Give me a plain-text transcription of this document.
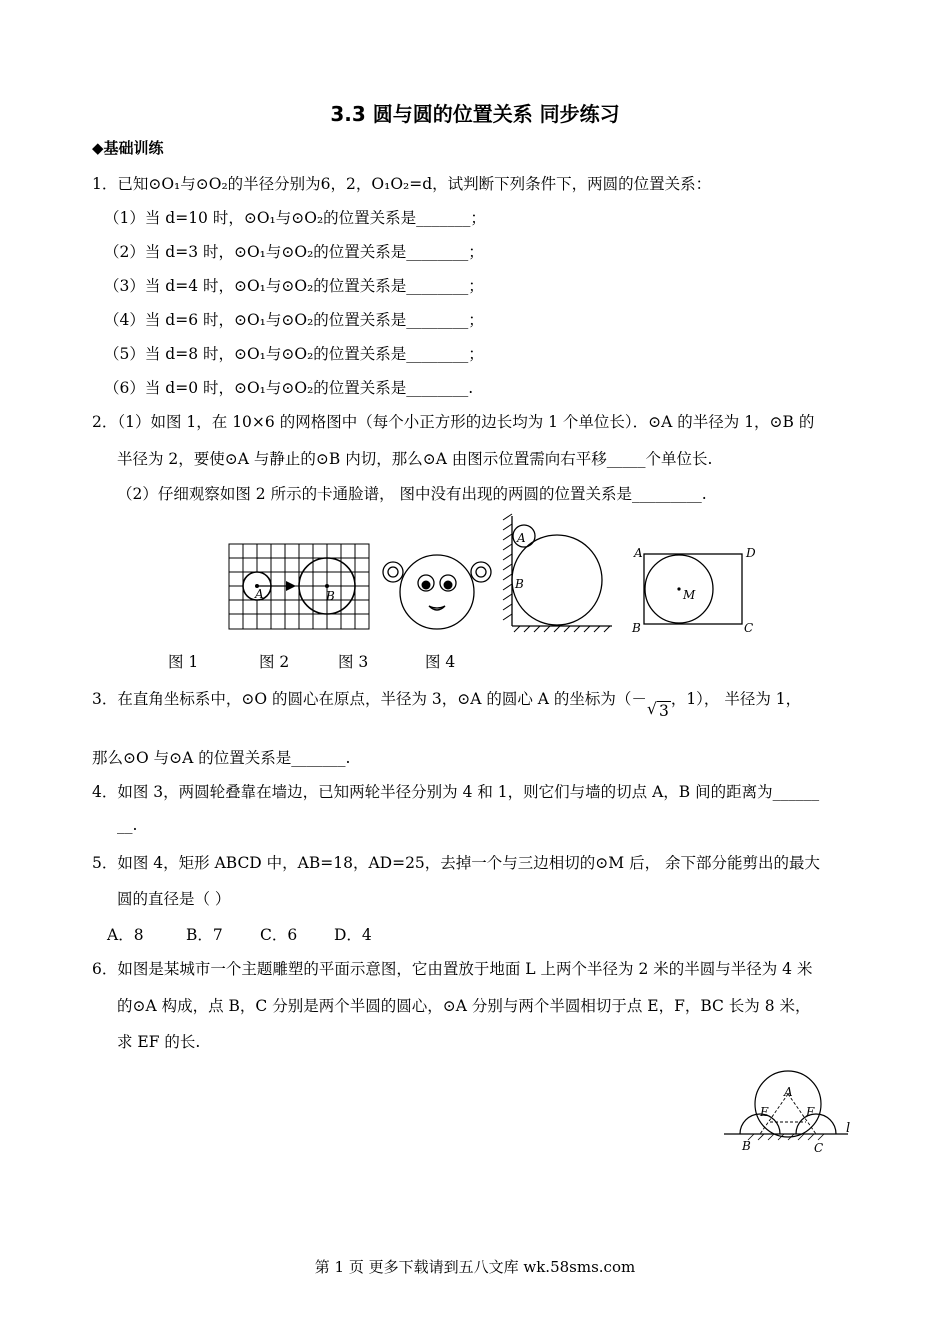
3.3 圆与圆的位置关系 同步练习
◆基础训练
1．已知⊙O₁与⊙O₂的半径分别为6，2，O₁O₂=d，试判断下列条件下，两圆的位置关系：
（1）当 d=10 时，⊙O₁与⊙O₂的位置关系是_______；
（2）当 d=3 时，⊙O₁与⊙O₂的位置关系是________；
（3）当 d=4 时，⊙O₁与⊙O₂的位置关系是________；
（4）当 d=6 时，⊙O₁与⊙O₂的位置关系是________；
（5）当 d=8 时，⊙O₁与⊙O₂的位置关系是________；
（6）当 d=0 时，⊙O₁与⊙O₂的位置关系是________.
2．（1）如图 1，在 10×6 的网格图中（每个小正方形的边长均为 1 个单位长）．⊙A 的半径为 1，⊙B 的
半径为 2，要使⊙A 与静止的⊙B 内切，那么⊙A 由图示位置需向右平移_____个单位长.
（2）仔细观察如图 2 所示的卡通脸谱， 图中没有出现的两圆的位置关系是_________.
A	B
A
B
A	D
M
B	C
图 1	图 2	图 3	图 4
3．在直角坐标系中，⊙O 的圆心在原点，半径为 3，⊙A 的圆心 A 的坐标为（－
√ 3，1）， 半径为 1，
那么⊙O 与⊙A 的位置关系是_______.
4．如图 3，两圆轮叠靠在墙边，已知两轮半径分别为 4 和 1，则它们与墙的切点 A，B 间的距离为______
__.
5．如图 4，矩形 ABCD 中，AB=18，AD=25，去掉一个与三边相切的⊙M 后， 余下部分能剪出的最大
圆的直径是（ ）
A．8	B．7 C．6 D．4
6．如图是某城市一个主题雕塑的平面示意图，它由置放于地面 L 上两个半径为 2 米的半圆与半径为 4 米
的⊙A 构成，点 B，C 分别是两个半圆的圆心，⊙A 分别与两个半圆相切于点 E，F，BC 长为 8 米，
求 EF 的长.
A
E	F
l
B	C
第 1 页 更多下载请到五八文库 wk.58sms.com
